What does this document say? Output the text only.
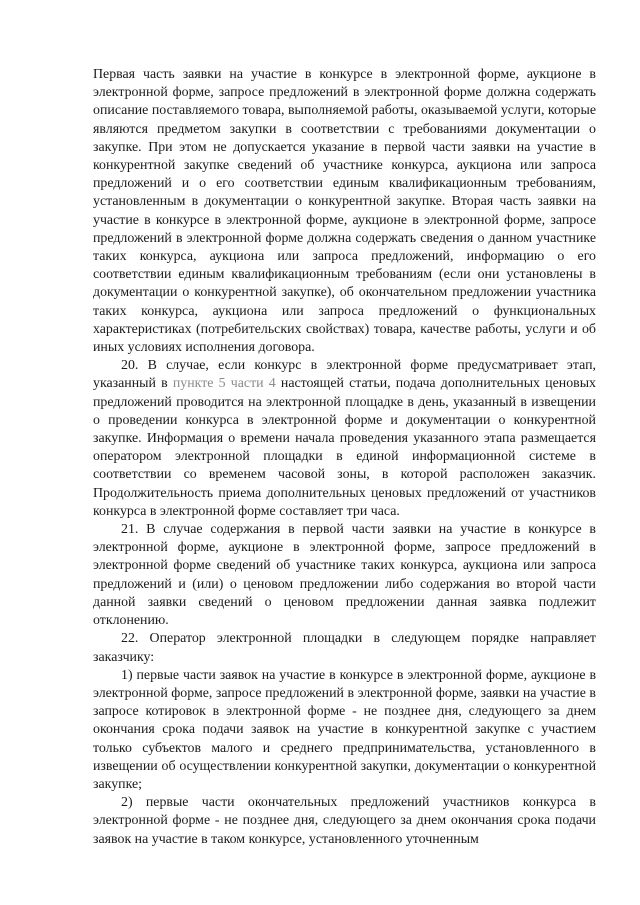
Первая часть заявки на участие в конкурсе в электронной форме, аукционе в электронной форме, запросе предложений в электронной форме должна содержать описание поставляемого товара, выполняемой работы, оказываемой услуги, которые являются предметом закупки в соответствии с требованиями документации о закупке. При этом не допускается указание в первой части заявки на участие в конкурентной закупке сведений об участнике конкурса, аукциона или запроса предложений и о его соответствии единым квалификационным требованиям, установленным в документации о конкурентной закупке. Вторая часть заявки на участие в конкурсе в электронной форме, аукционе в электронной форме, запросе предложений в электронной форме должна содержать сведения о данном участнике таких конкурса, аукциона или запроса предложений, информацию о его соответствии единым квалификационным требованиям (если они установлены в документации о конкурентной закупке), об окончательном предложении участника таких конкурса, аукциона или запроса предложений о функциональных характеристиках (потребительских свойствах) товара, качестве работы, услуги и об иных условиях исполнения договора.

20. В случае, если конкурс в электронной форме предусматривает этап, указанный в пункте 5 части 4 настоящей статьи, подача дополнительных ценовых предложений проводится на электронной площадке в день, указанный в извещении о проведении конкурса в электронной форме и документации о конкурентной закупке. Информация о времени начала проведения указанного этапа размещается оператором электронной площадки в единой информационной системе в соответствии со временем часовой зоны, в которой расположен заказчик. Продолжительность приема дополнительных ценовых предложений от участников конкурса в электронной форме составляет три часа.

21. В случае содержания в первой части заявки на участие в конкурсе в электронной форме, аукционе в электронной форме, запросе предложений в электронной форме сведений об участнике таких конкурса, аукциона или запроса предложений и (или) о ценовом предложении либо содержания во второй части данной заявки сведений о ценовом предложении данная заявка подлежит отклонению.

22. Оператор электронной площадки в следующем порядке направляет заказчику:

1) первые части заявок на участие в конкурсе в электронной форме, аукционе в электронной форме, запросе предложений в электронной форме, заявки на участие в запросе котировок в электронной форме - не позднее дня, следующего за днем окончания срока подачи заявок на участие в конкурентной закупке с участием только субъектов малого и среднего предпринимательства, установленного в извещении об осуществлении конкурентной закупки, документации о конкурентной закупке;

2) первые части окончательных предложений участников конкурса в электронной форме - не позднее дня, следующего за днем окончания срока подачи заявок на участие в таком конкурсе, установленного уточненным
